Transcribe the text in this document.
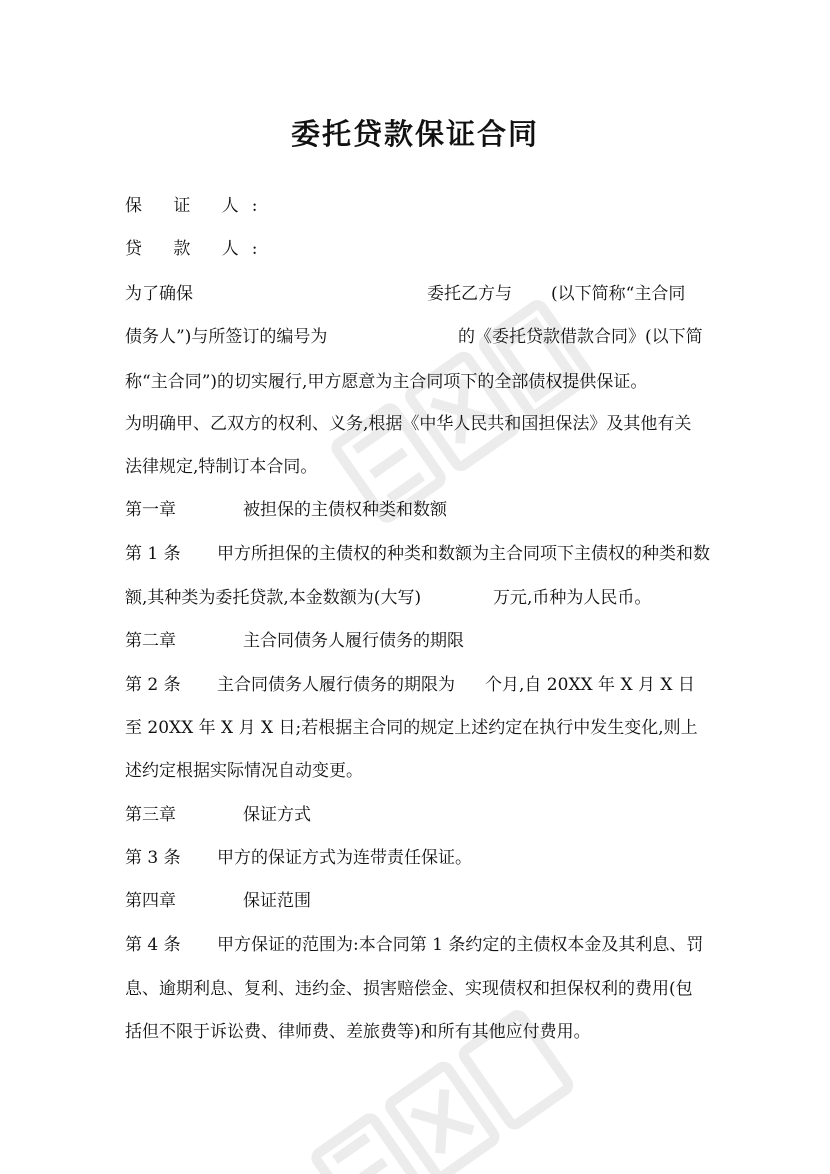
委托贷款保证合同
保 证 人:
贷 款 人:
为了确保	委托乙方与 (以下简称“主合同
债务人”)与所签订的编号为	的《委托贷款借款合同》(以下简
称“主合同”)的切实履行,甲方愿意为主合同项下的全部债权提供保证。
为明确甲、乙双方的权利、义务,根据《中华人民共和国担保法》及其他有关
法律规定,特制订本合同。
第一章	被担保的主债权种类和数额
第 1 条 甲方所担保的主债权的种类和数额为主合同项下主债权的种类和数
额,其种类为委托贷款,本金数额为(大写)	万元,币种为人民币。
第二章	主合同债务人履行债务的期限
第 2 条 主合同债务人履行债务的期限为 个月,自 20XX 年 X 月 X 日
至 20XX 年 X 月 X 日;若根据主合同的规定上述约定在执行中发生变化,则上
述约定根据实际情况自动变更。
第三章	保证方式
第 3 条 甲方的保证方式为连带责任保证。
第四章	保证范围
第 4 条 甲方保证的范围为:本合同第 1 条约定的主债权本金及其利息、罚
息、逾期利息、复利、违约金、损害赔偿金、实现债权和担保权利的费用(包
括但不限于诉讼费、律师费、差旅费等)和所有其他应付费用。
